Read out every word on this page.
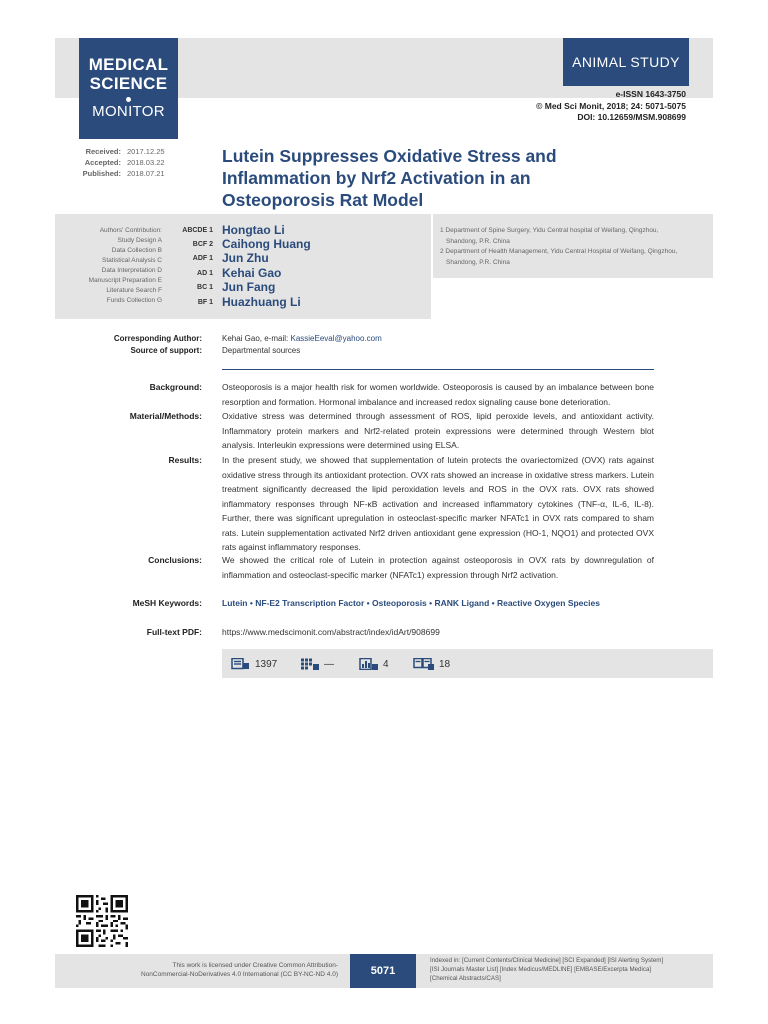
MEDICAL
SCIENCE
MONITOR
ANIMAL STUDY
e-ISSN 1643-3750
© Med Sci Monit, 2018; 24: 5071-5075
DOI: 10.12659/MSM.908699
Received: 2017.12.25
Accepted: 2018.03.22
Published: 2018.07.21
Lutein Suppresses Oxidative Stress and Inflammation by Nrf2 Activation in an Osteoporosis Rat Model
Authors' Contribution:
Study Design A
Data Collection B
Statistical Analysis C
Data Interpretation D
Manuscript Preparation E
Literature Search F
Funds Collection G
ABCDE 1 Hongtao Li
BCF 2 Caihong Huang
ADF 1 Jun Zhu
AD 1 Kehai Gao
BC 1 Jun Fang
BF 1 Huazhuang Li
1 Department of Spine Surgery, Yidu Central hospital of Weifang, Qingzhou,
Shandong, P.R. China
2 Department of Health Management, Yidu Central Hospital of Weifang, Qingzhou,
Shandong, P.R. China
Corresponding Author:	Kehai Gao, e-mail: KassieEeval@yahoo.com
Source of support:	Departmental sources
Background: Osteoporosis is a major health risk for women worldwide. Osteoporosis is caused by an imbalance between bone resorption and formation. Hormonal imbalance and increased redox signaling cause bone deterioration.
Material/Methods: Oxidative stress was determined through assessment of ROS, lipid peroxide levels, and antioxidant activity. Inflammatory protein markers and Nrf2-related protein expressions were determined through Western blot analysis. Interleukin expressions were determined using ELSA.
Results: In the present study, we showed that supplementation of lutein protects the ovariectomized (OVX) rats against oxidative stress through its antioxidant protection. OVX rats showed an increase in oxidative stress markers. Lutein treatment significantly decreased the lipid peroxidation levels and ROS in the OVX rats. OVX rats showed inflammatory responses through NF-κB activation and increased inflammatory cytokines (TNF-α, IL-6, IL-8). Further, there was significant upregulation in osteoclast-specific marker NFATc1 in OVX rats compared to sham rats. Lutein supplementation activated Nrf2 driven antioxidant gene expression (HO-1, NQO1) and protected OVX rats against inflammatory responses.
Conclusions: We showed the critical role of Lutein in protection against osteoporosis in OVX rats by downregulation of inflammation and osteoclast-specific marker (NFATc1) expression through Nrf2 activation.
MeSH Keywords: Lutein • NF-E2 Transcription Factor • Osteoporosis • RANK Ligand • Reactive Oxygen Species
Full-text PDF: https://www.medscimonit.com/abstract/index/idArt/908699
1397	—	4	18
This work is licensed under Creative Common Attribution-
NonCommercial-NoDerivatives 4.0 International (CC BY-NC-ND 4.0)	5071
Indexed in: [Current Contents/Clinical Medicine] [SCI Expanded] [ISI Alerting System]
[ISI Journals Master List] [Index Medicus/MEDLINE] [EMBASE/Excerpta Medica]
[Chemical Abstracts/CAS]
